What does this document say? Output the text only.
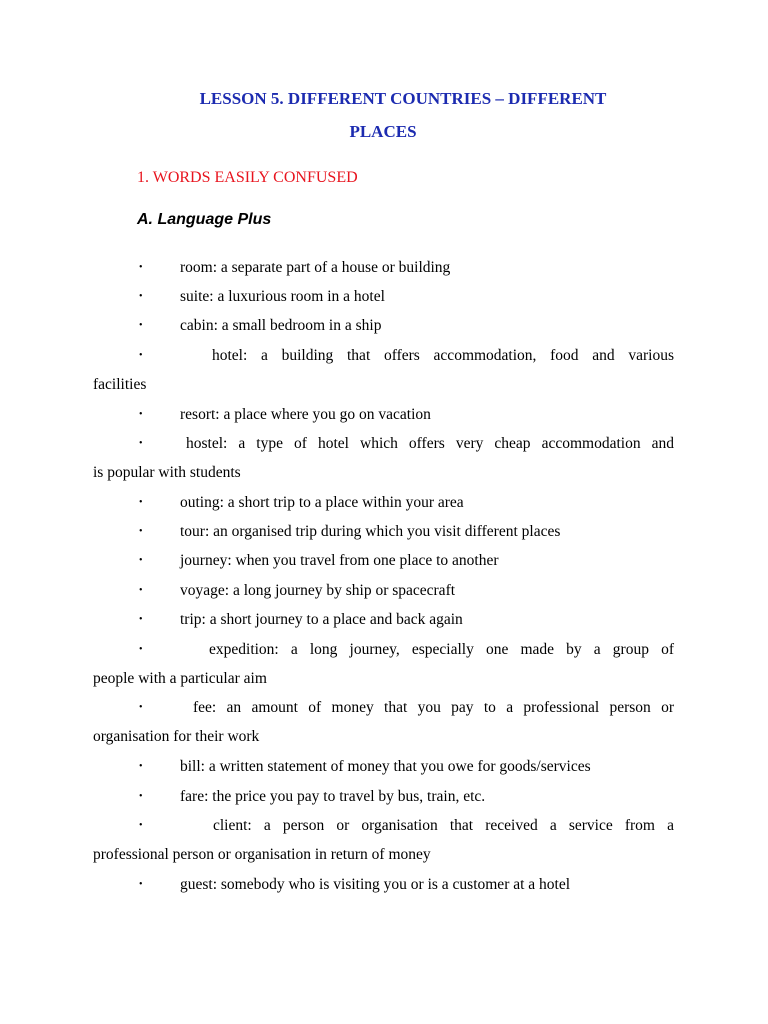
LESSON 5. DIFFERENT COUNTRIES – DIFFERENT
PLACES
1. WORDS EASILY CONFUSED
A. Language Plus
•	room: a separate part of a house or building
•	suite: a luxurious room in a hotel
•	cabin: a small bedroom in a ship
•	hotel: a building that offers accommodation, food and various
facilities
•	resort: a place where you go on vacation
•	hostel: a type of hotel which offers very cheap accommodation and
is popular with students
•	outing: a short trip to a place within your area
•	tour: an organised trip during which you visit different places
•	journey: when you travel from one place to another
•	voyage: a long journey by ship or spacecraft
•	trip: a short journey to a place and back again
•	expedition: a long journey, especially one made by a group of
people with a particular aim
•	fee: an amount of money that you pay to a professional person or
organisation for their work
•	bill: a written statement of money that you owe for goods/services
•	fare: the price you pay to travel by bus, train, etc.
•	client: a person or organisation that received a service from a
professional person or organisation in return of money
•	guest: somebody who is visiting you or is a customer at a hotel
